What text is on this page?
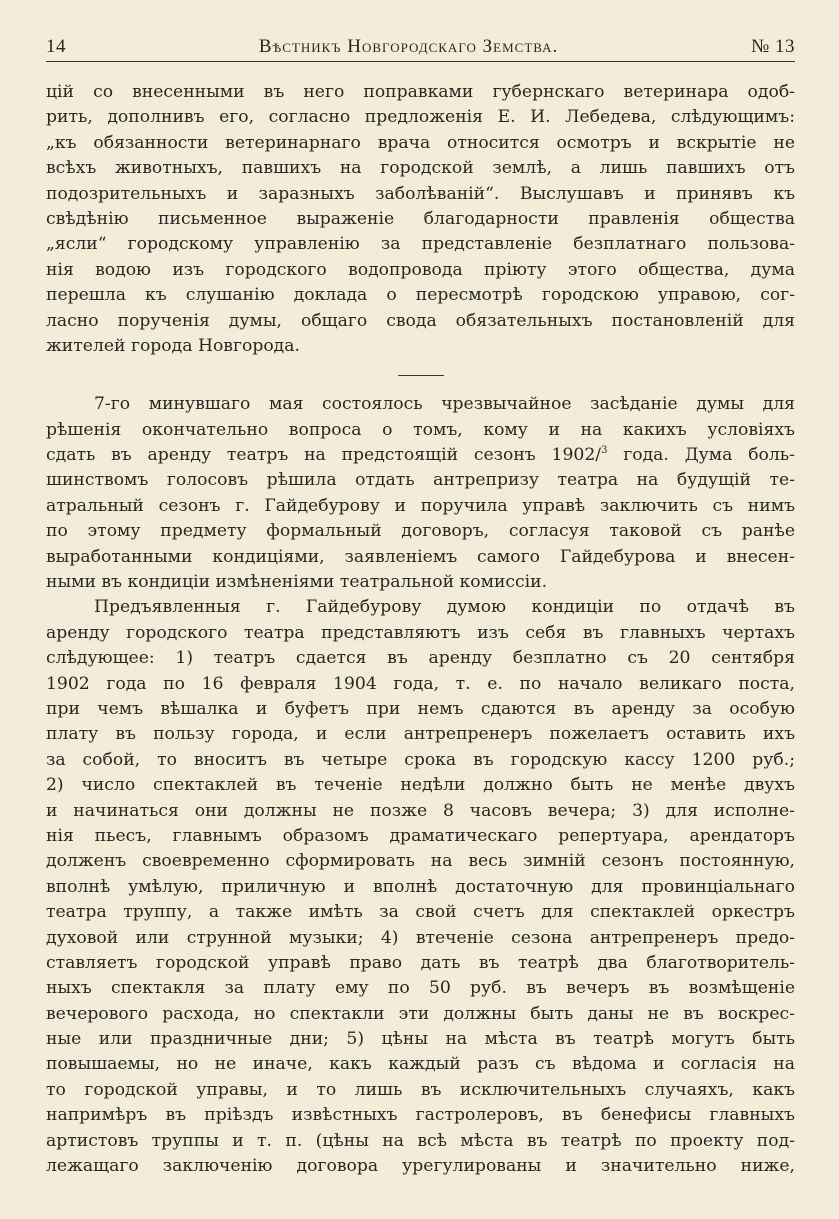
14	Вѣстникъ Новгородскаго Земства.	№ 13
цій со внесенными въ него поправками губернскаго ветеринара одоб-
рить, дополнивъ его, согласно предложенія Е. И. Лебедева, слѣдующимъ:
„къ обязанности ветеринарнаго врача относится осмотръ и вскрытіе не
всѣхъ животныхъ, павшихъ на городской землѣ, а лишь павшихъ отъ
подозрительныхъ и заразныхъ заболѣваній“. Выслушавъ и принявъ къ
свѣдѣнію письменное выраженіе благодарности правленія общества
„ясли“ городскому управленію за представленіе безплатнаго пользова-
нія водою изъ городского водопровода пріюту этого общества, дума
перешла къ слушанію доклада о пересмотрѣ городскою управою, сог-
ласно порученія думы, общаго свода обязательныхъ постановленій для
жителей города Новгорода.
7-го минувшаго мая состоялось чрезвычайное засѣданіе думы для
рѣшенія окончательно вопроса о томъ, кому и на какихъ условіяхъ
сдать въ аренду театръ на предстоящій сезонъ 1902/$^3$ года. Дума боль-
шинствомъ голосовъ рѣшила отдать антрепризу театра на будущій те-
атральный сезонъ г. Гайдебурову и поручила управѣ заключить съ нимъ
по этому предмету формальный договоръ, согласуя таковой съ ранѣе
выработанными кондиціями, заявленіемъ самого Гайдебурова и внесен-
ными въ кондиціи измѣненіями театральной комиссіи.
Предъявленныя г. Гайдебурову думою кондиціи по отдачѣ въ
аренду городского театра представляютъ изъ себя въ главныхъ чертахъ
слѣдующее: 1) театръ сдается въ аренду безплатно съ 20 сентября
1902 года по 16 февраля 1904 года, т. е. по начало великаго поста,
при чемъ вѣшалка и буфетъ при немъ сдаются въ аренду за особую
плату въ пользу города, и если антрепренеръ пожелаетъ оставить ихъ
за собой, то вноситъ въ четыре срока въ городскую кассу 1200 руб.;
2) число спектаклей въ теченіе недѣли должно быть не менѣе двухъ
и начинаться они должны не позже 8 часовъ вечера; 3) для исполне-
нія пьесъ, главнымъ образомъ драматическаго репертуара, арендаторъ
долженъ своевременно сформировать на весь зимній сезонъ постоянную,
вполнѣ умѣлую, приличную и вполнѣ достаточную для провинціальнаго
театра труппу, а также имѣть за свой счетъ для спектаклей оркестръ
духовой или струнной музыки; 4) втеченіе сезона антрепренеръ предо-
ставляетъ городской управѣ право дать въ театрѣ два благотворитель-
ныхъ спектакля за плату ему по 50 руб. въ вечеръ въ возмѣщеніе
вечерового расхода, но спектакли эти должны быть даны не въ воскрес-
ные или праздничные дни; 5) цѣны на мѣста въ театрѣ могутъ быть
повышаемы, но не иначе, какъ каждый разъ съ вѣдома и согласія на
то городской управы, и то лишь въ исключительныхъ случаяхъ, какъ
напримѣръ въ пріѣздъ извѣстныхъ гастролеровъ, въ бенефисы главныхъ
артистовъ труппы и т. п. (цѣны на всѣ мѣста въ театрѣ по проекту под-
лежащаго заключенію договора урегулированы и значительно ниже,
